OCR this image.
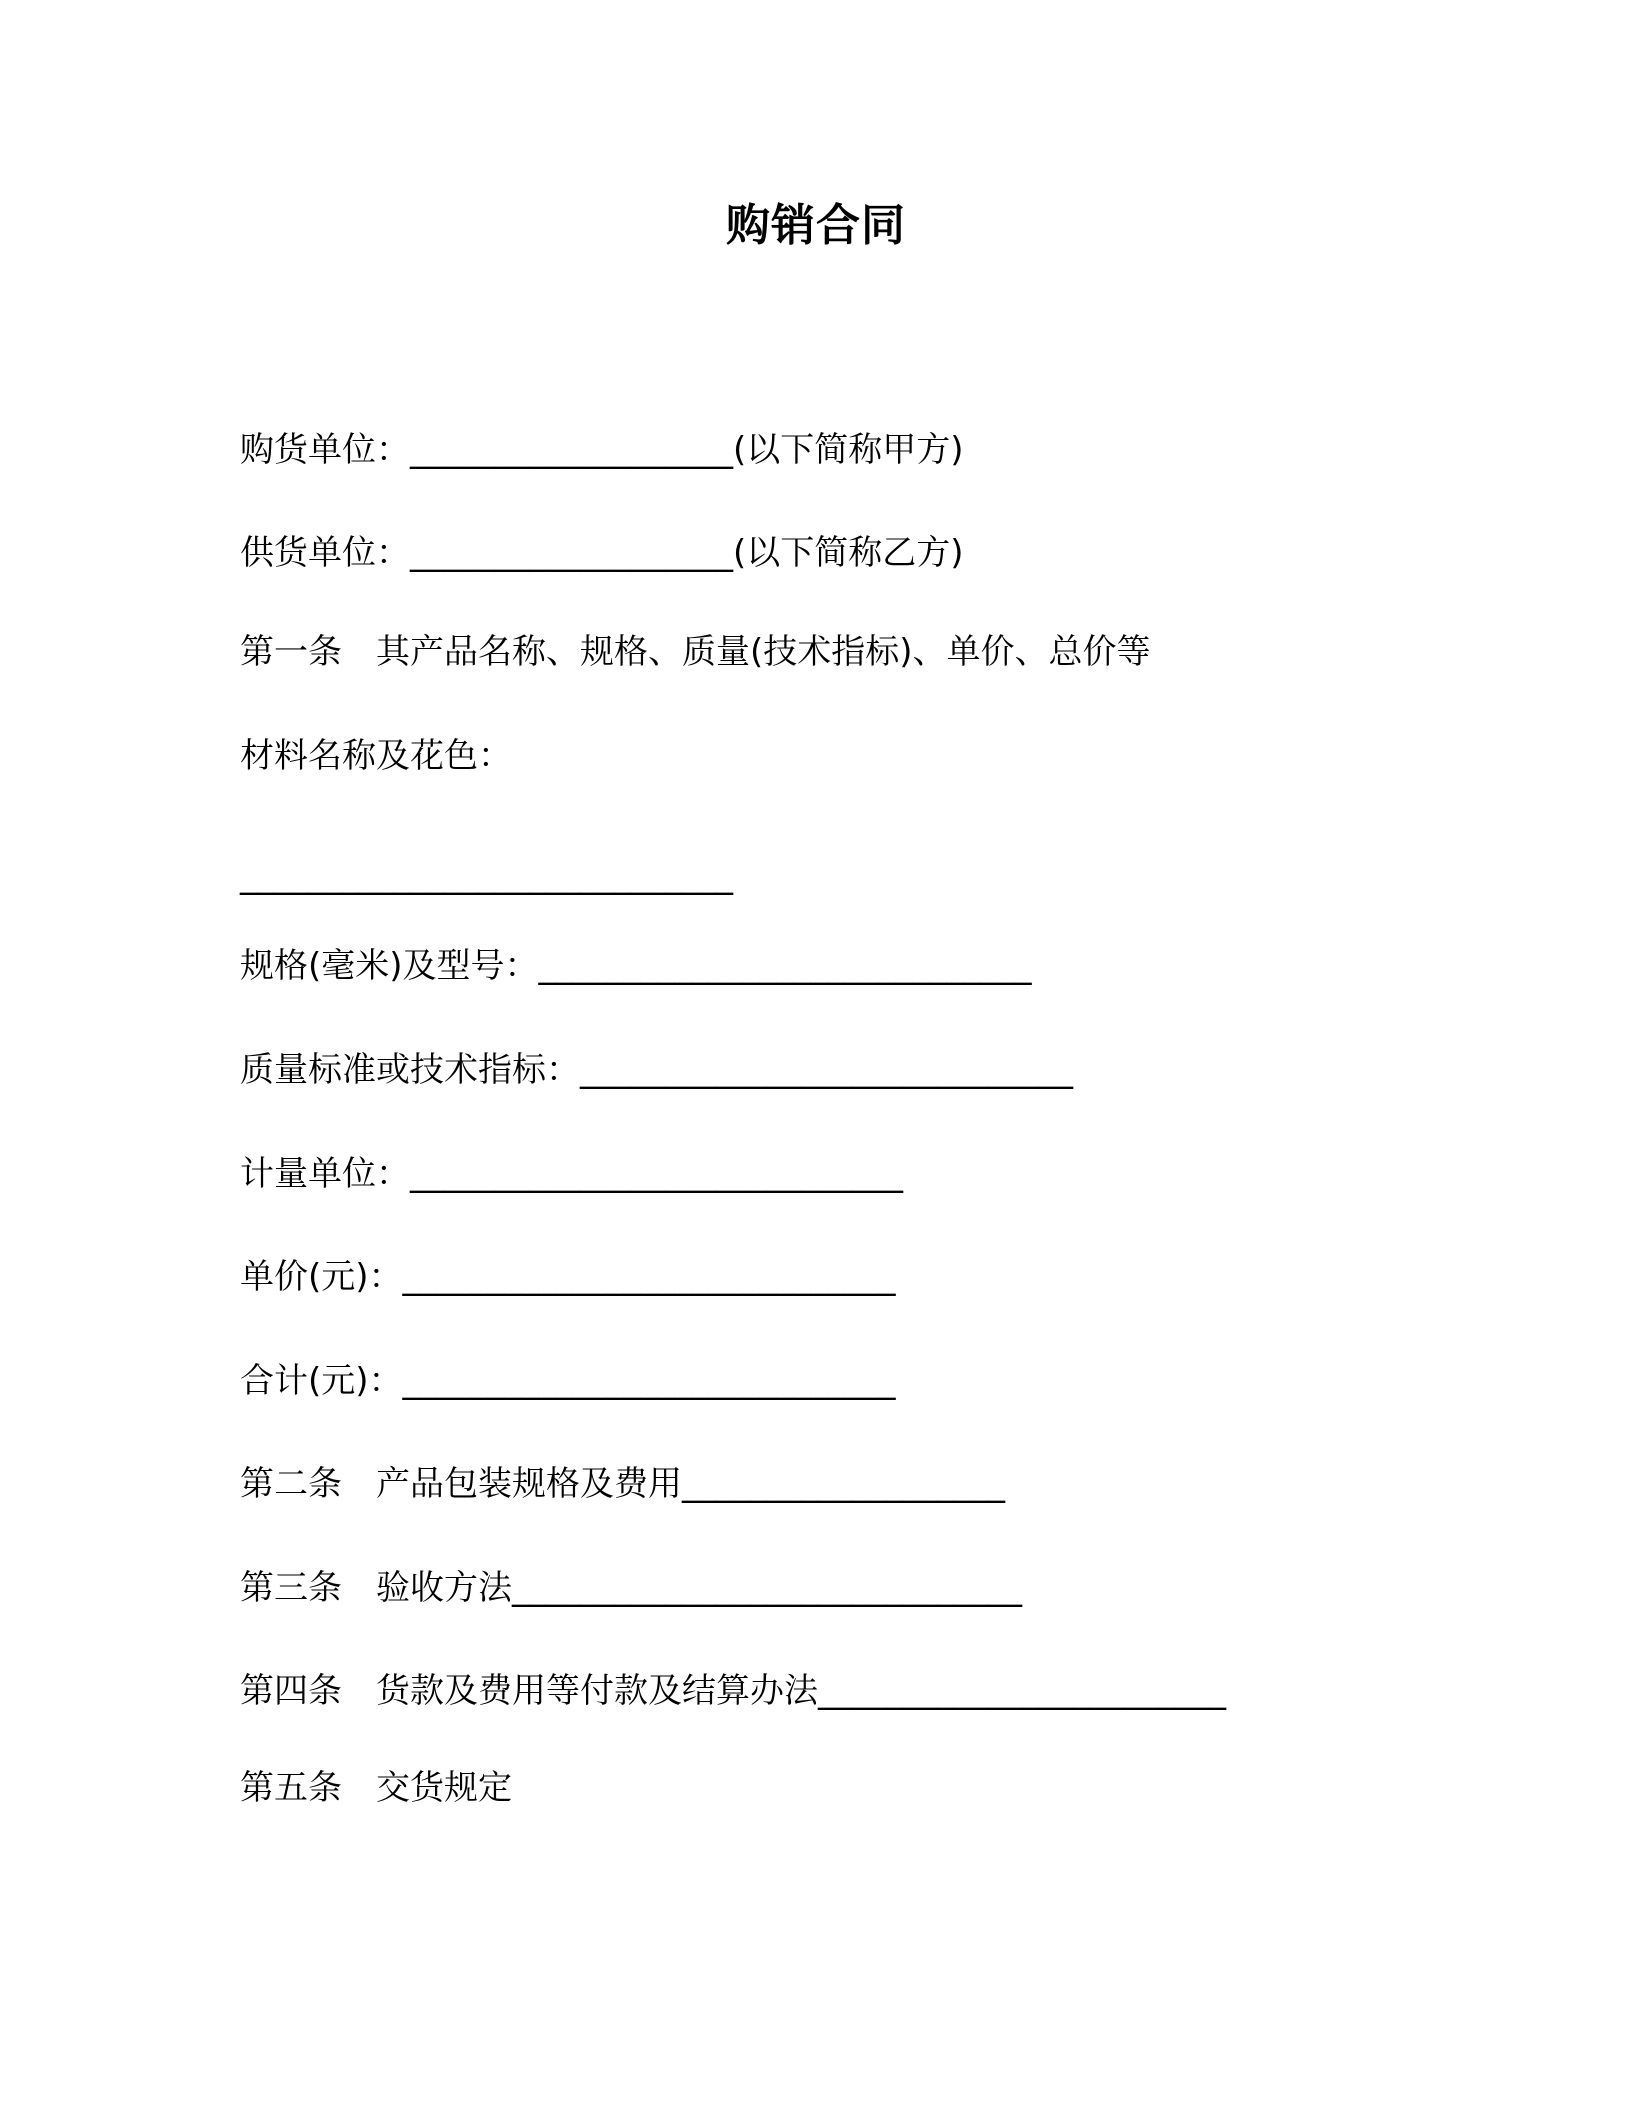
购销合同
购货单位：___________________(以下简称甲方)
供货单位：___________________(以下简称乙方)
第一条　其产品名称、规格、质量(技术指标)、单价、总价等
材料名称及花色：
_____________________________
规格(毫米)及型号：_____________________________
质量标准或技术指标：_____________________________
计量单位：_____________________________
单价(元)：_____________________________
合计(元)：_____________________________
第二条　产品包装规格及费用___________________
第三条　验收方法______________________________
第四条　货款及费用等付款及结算办法________________________
第五条　交货规定
